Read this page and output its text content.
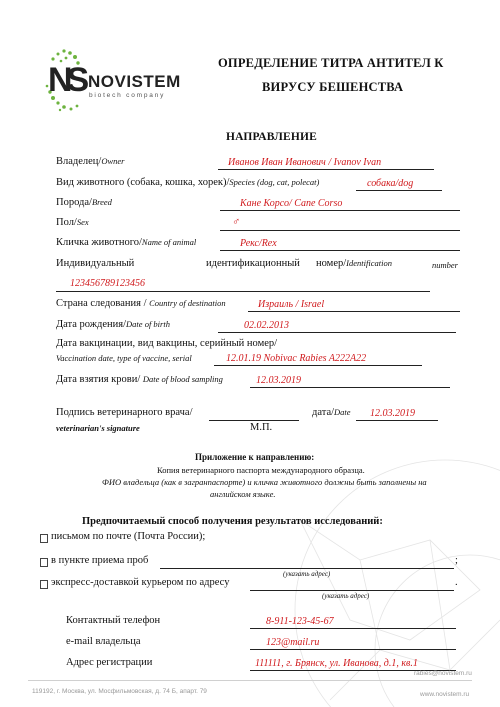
NS NOVISTEM
biotech company
ОПРЕДЕЛЕНИЕ ТИТРА АНТИТЕЛ К
ВИРУСУ БЕШЕНСТВА
НАПРАВЛЕНИЕ
Владелец/Owner	Иванов Иван Иванович / Ivanov Ivan
Вид животного (собака, кошка, хорек)/Species (dog, cat, polecat)	собака/dog
Порода/Breed	Кане Корсо/ Cane Corso
Пол/Sex	♂
Кличка животного/Name of animal	Рекс/Rex
Индивидуальный	идентификационный номер/Identification	number
123456789123456
Страна следования / Country of destination	Израиль / Israel
Дата рождения/Date of birth	02.02.2013
Дата вакцинации, вид вакцины, серийный номер/
Vaccination date, type of vaccine, serial	12.01.19 Nobivac Rabies A222A22
Дата взятия крови/ Date of blood sampling	12.03.2019
Подпись ветеринарного врача/	дата/Date 12.03.2019
veterinarian's signature	М.П.
Приложение к направлению:
Копия ветеринарного паспорта международного образца.
ФИО владельца (как в загранпаспорте) и кличка животного должны быть заполнены на
английском языке.
Предпочитаемый способ получения результатов исследований:
письмом по почте (Почта России);
в пункте приема проб	;
(указать адрес)
экспресс-доставкой курьером по адресу	.
(указать адрес)
Контактный телефон	8-911-123-45-67
e-mail владельца	123@mail.ru
Адрес регистрации	111111, г. Брянск, ул. Иванова, д.1, кв.1
rabies@novistem.ru
119192, г. Москва, ул. Мосфильмовская, д. 74 Б, апарт. 79	www.novistem.ru
